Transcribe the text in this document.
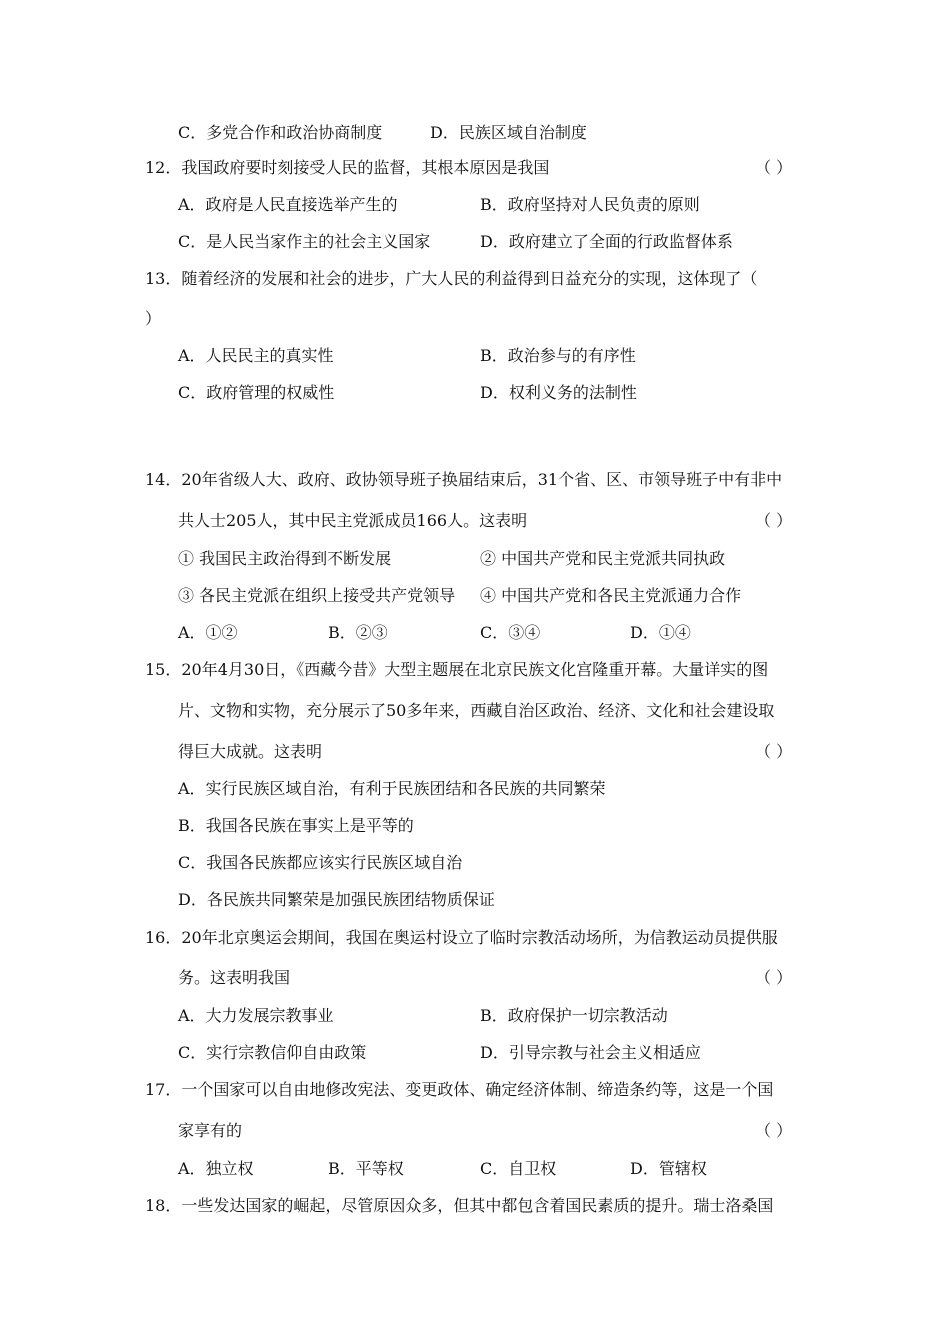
C．多党合作和政治协商制度	D．民族区域自治制度
12．我国政府要时刻接受人民的监督，其根本原因是我国	（ ）
A．政府是人民直接选举产生的	B．政府坚持对人民负责的原则
C．是人民当家作主的社会主义国家	D．政府建立了全面的行政监督体系
13．随着经济的发展和社会的进步，广大人民的利益得到日益充分的实现，这体现了（
）
A．人民民主的真实性	B．政治参与的有序性
C．政府管理的权威性	D．权利义务的法制性
14．20年省级人大、政府、政协领导班子换届结束后，31个省、区、市领导班子中有非中
共人士205人，其中民主党派成员166人。这表明	（ ）
① 我国民主政治得到不断发展	② 中国共产党和民主党派共同执政
③ 各民主党派在组织上接受共产党领导 ④ 中国共产党和各民主党派通力合作
A．①②	B．②③	C．③④	D．①④
15．20年4月30日，《西藏今昔》大型主题展在北京民族文化宫隆重开幕。大量详实的图
片、文物和实物，充分展示了50多年来，西藏自治区政治、经济、文化和社会建设取
得巨大成就。这表明	（ ）
A．实行民族区域自治，有利于民族团结和各民族的共同繁荣
B．我国各民族在事实上是平等的
C．我国各民族都应该实行民族区域自治
D．各民族共同繁荣是加强民族团结物质保证
16．20年北京奥运会期间，我国在奥运村设立了临时宗教活动场所，为信教运动员提供服
务。这表明我国	（ ）
A．大力发展宗教事业	B．政府保护一切宗教活动
C．实行宗教信仰自由政策	D．引导宗教与社会主义相适应
17．一个国家可以自由地修改宪法、变更政体、确定经济体制、缔造条约等，这是一个国
家享有的	（ ）
A．独立权	B．平等权	C．自卫权	D．管辖权
18．一些发达国家的崛起，尽管原因众多，但其中都包含着国民素质的提升。瑞士洛桑国
